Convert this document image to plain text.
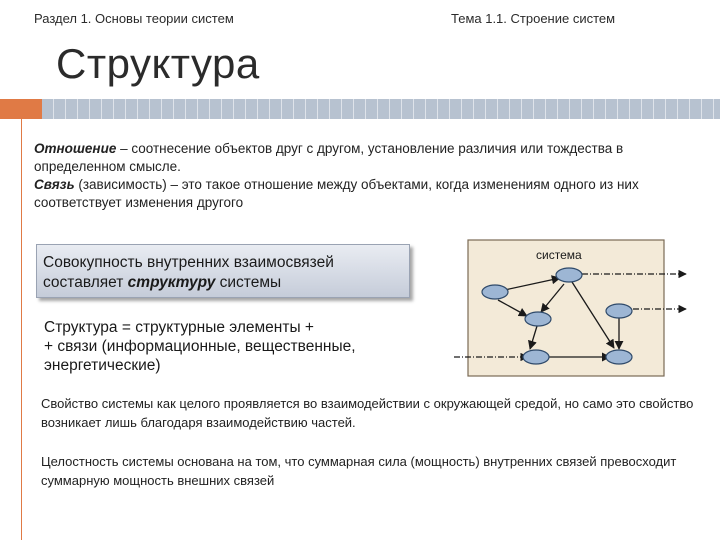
Раздел 1. Основы теории систем	Тема 1.1. Строение систем
Структура

Отношение – соотнесение объектов друг с другом, установление различия или тождества в определенном смысле.

Связь (зависимость) – это такое отношение между объектами, когда изменениям одного из них соответствует изменения другого

Совокупность внутренних взаимосвязей
составляет структуру системы

Структура = структурные элементы +

+ связи (информационные, вещественные,

энергетические)

система

Свойство системы как целого проявляется во взаимодействии с окружающей средой, но само это свойство возникает лишь благодаря взаимодействию частей.

Целостность системы основана на том, что суммарная сила (мощность) внутренних связей превосходит суммарную мощность внешних связей
